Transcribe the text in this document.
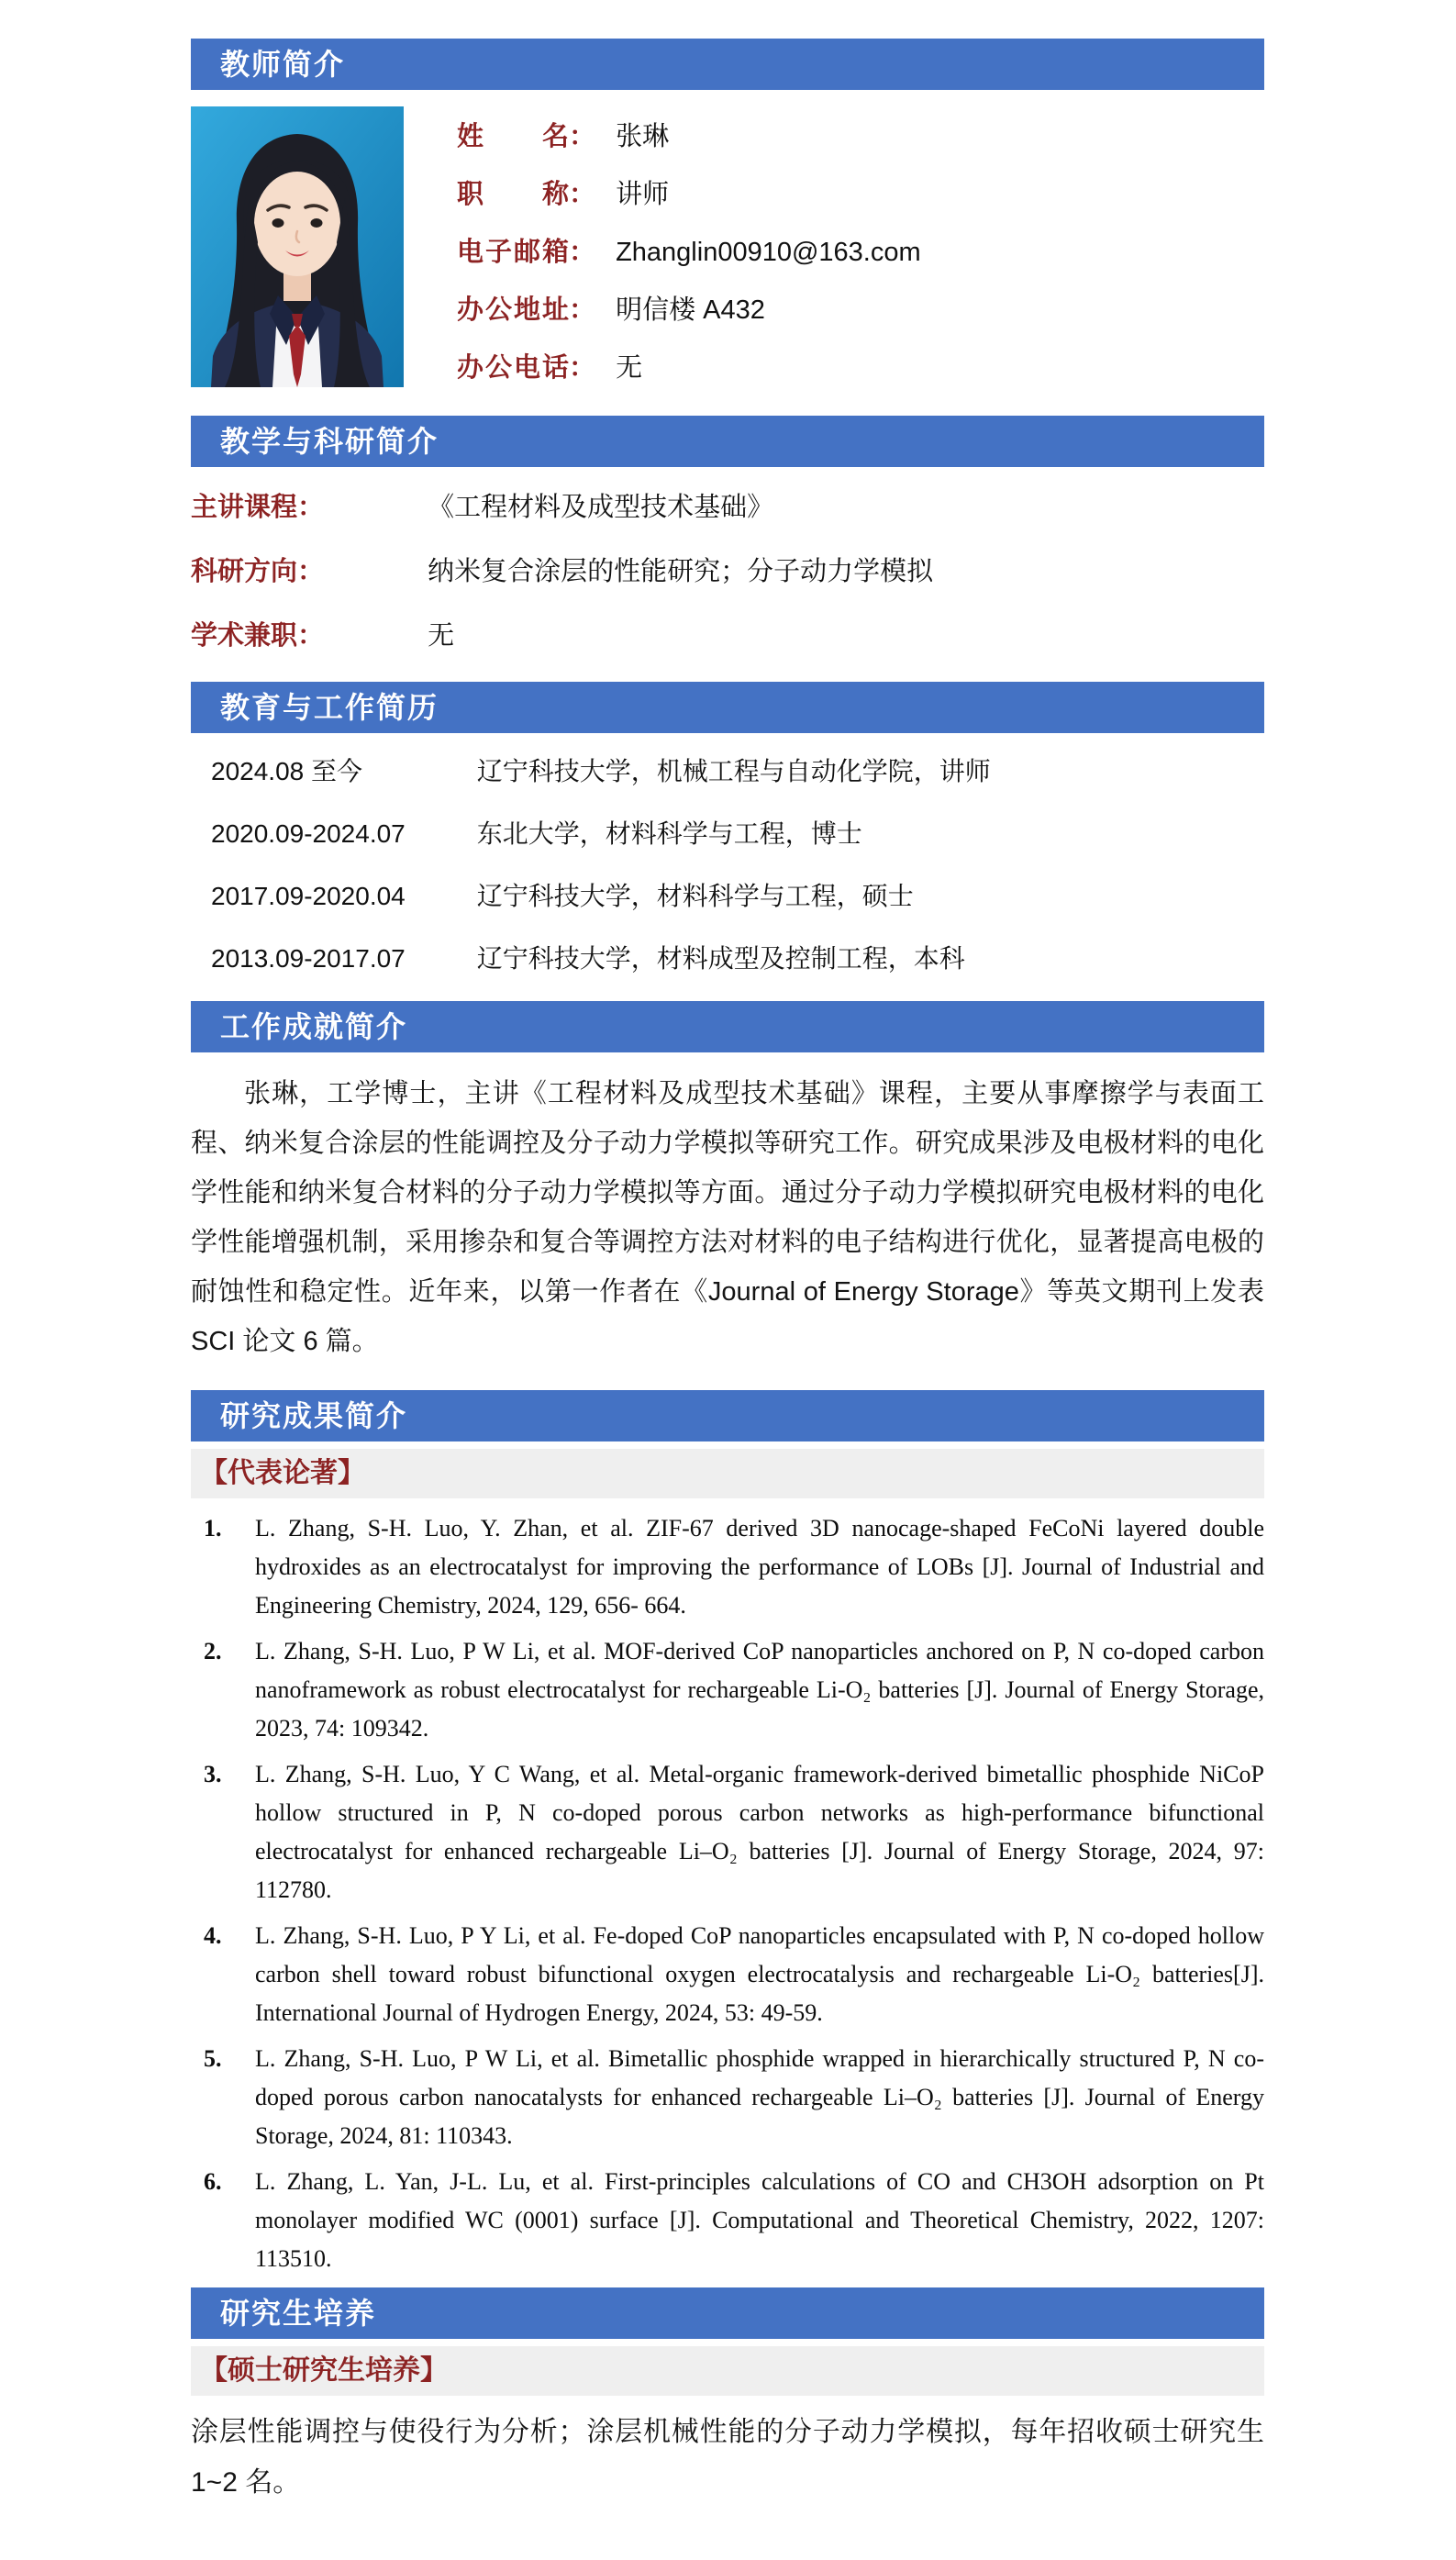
教师简介
姓名： 张琳
职称： 讲师
电子邮箱： Zhanglin00910@163.com
办公地址： 明信楼 A432
办公电话： 无
教学与科研简介
主讲课程：	《工程材料及成型技术基础》
科研方向：	纳米复合涂层的性能研究；分子动力学模拟
学术兼职：	无
教育与工作简历
2024.08 至今	辽宁科技大学，机械工程与自动化学院，讲师
2020.09-2024.07	东北大学，材料科学与工程，博士
2017.09-2020.04	辽宁科技大学，材料科学与工程，硕士
2013.09-2017.07	辽宁科技大学，材料成型及控制工程，本科
工作成就简介
张琳，工学博士，主讲《工程材料及成型技术基础》课程，主要从事摩擦学与表面工程、纳米复合涂层的性能调控及分子动力学模拟等研究工作。研究成果涉及电极材料的电化学性能和纳米复合材料的分子动力学模拟等方面。通过分子动力学模拟研究电极材料的电化学性能增强机制，采用掺杂和复合等调控方法对材料的电子结构进行优化，显著提高电极的耐蚀性和稳定性。近年来，以第一作者在《Journal of Energy Storage》等英文期刊上发表 SCI 论文 6 篇。
研究成果简介
【代表论著】
1. L. Zhang, S-H. Luo, Y. Zhan, et al. ZIF-67 derived 3D nanocage-shaped FeCoNi layered double hydroxides as an electrocatalyst for improving the performance of LOBs [J]. Journal of Industrial and Engineering Chemistry, 2024, 129, 656- 664.
2. L. Zhang, S-H. Luo, P W Li, et al. MOF-derived CoP nanoparticles anchored on P, N co-doped carbon nanoframework as robust electrocatalyst for rechargeable Li-O₂ batteries [J]. Journal of Energy Storage, 2023, 74: 109342.
3. L. Zhang, S-H. Luo, Y C Wang, et al. Metal-organic framework-derived bimetallic phosphide NiCoP hollow structured in P, N co-doped porous carbon networks as high-performance bifunctional electrocatalyst for enhanced rechargeable Li–O₂ batteries [J]. Journal of Energy Storage, 2024, 97: 112780.
4. L. Zhang, S-H. Luo, P Y Li, et al. Fe-doped CoP nanoparticles encapsulated with P, N co-doped hollow carbon shell toward robust bifunctional oxygen electrocatalysis and rechargeable Li-O₂ batteries[J]. International Journal of Hydrogen Energy, 2024, 53: 49-59.
5. L. Zhang, S-H. Luo, P W Li, et al. Bimetallic phosphide wrapped in hierarchically structured P, N co-doped porous carbon nanocatalysts for enhanced rechargeable Li–O₂ batteries [J]. Journal of Energy Storage, 2024, 81: 110343.
6. L. Zhang, L. Yan, J-L. Lu, et al. First-principles calculations of CO and CH3OH adsorption on Pt monolayer modified WC (0001) surface [J]. Computational and Theoretical Chemistry, 2022, 1207: 113510.
研究生培养
【硕士研究生培养】
涂层性能调控与使役行为分析；涂层机械性能的分子动力学模拟，每年招收硕士研究生 1~2 名。
